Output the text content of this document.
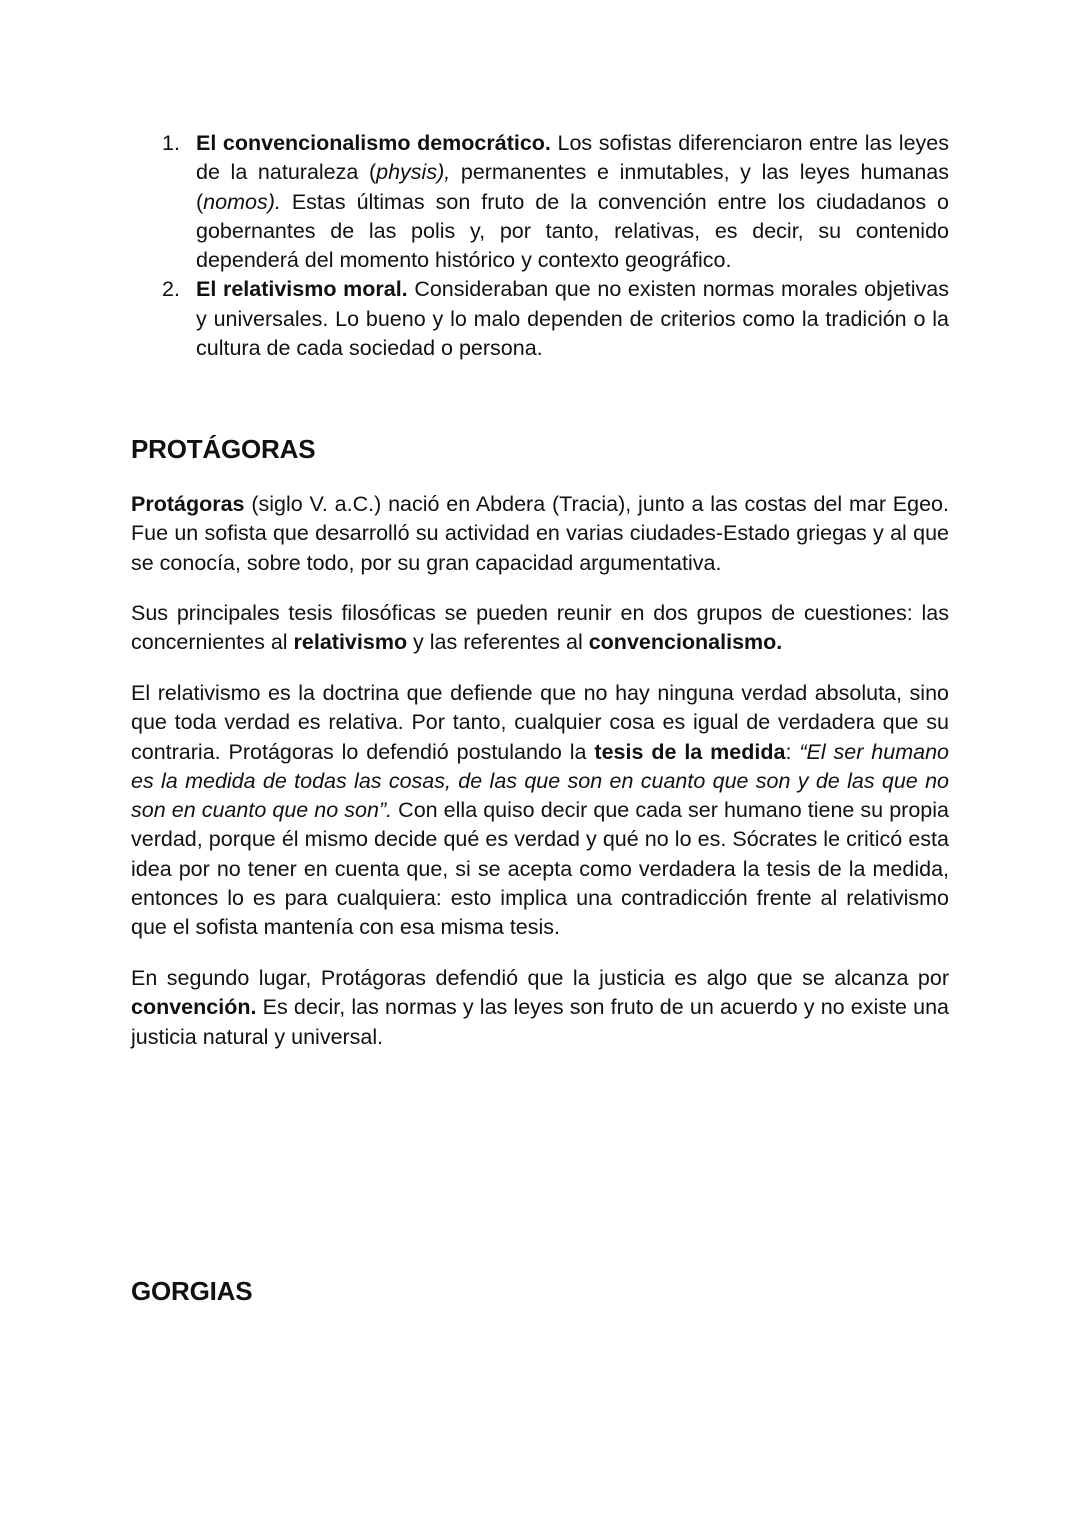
1. El convencionalismo democrático. Los sofistas diferenciaron entre las leyes de la naturaleza (physis), permanentes e inmutables, y las leyes humanas (nomos). Estas últimas son fruto de la convención entre los ciudadanos o gobernantes de las polis y, por tanto, relativas, es decir, su contenido dependerá del momento histórico y contexto geográfico.
2. El relativismo moral. Consideraban que no existen normas morales objetivas y universales. Lo bueno y lo malo dependen de criterios como la tradición o la cultura de cada sociedad o persona.
PROTÁGORAS

Protágoras (siglo V. a.C.) nació en Abdera (Tracia), junto a las costas del mar Egeo. Fue un sofista que desarrolló su actividad en varias ciudades-Estado griegas y al que se conocía, sobre todo, por su gran capacidad argumentativa.

Sus principales tesis filosóficas se pueden reunir en dos grupos de cuestiones: las concernientes al relativismo y las referentes al convencionalismo.

El relativismo es la doctrina que defiende que no hay ninguna verdad absoluta, sino que toda verdad es relativa. Por tanto, cualquier cosa es igual de verdadera que su contraria. Protágoras lo defendió postulando la tesis de la medida: “El ser humano es la medida de todas las cosas, de las que son en cuanto que son y de las que no son en cuanto que no son”. Con ella quiso decir que cada ser humano tiene su propia verdad, porque él mismo decide qué es verdad y qué no lo es. Sócrates le criticó esta idea por no tener en cuenta que, si se acepta como verdadera la tesis de la medida, entonces lo es para cualquiera: esto implica una contradicción frente al relativismo que el sofista mantenía con esa misma tesis.

En segundo lugar, Protágoras defendió que la justicia es algo que se alcanza por convención. Es decir, las normas y las leyes son fruto de un acuerdo y no existe una justicia natural y universal.

GORGIAS
